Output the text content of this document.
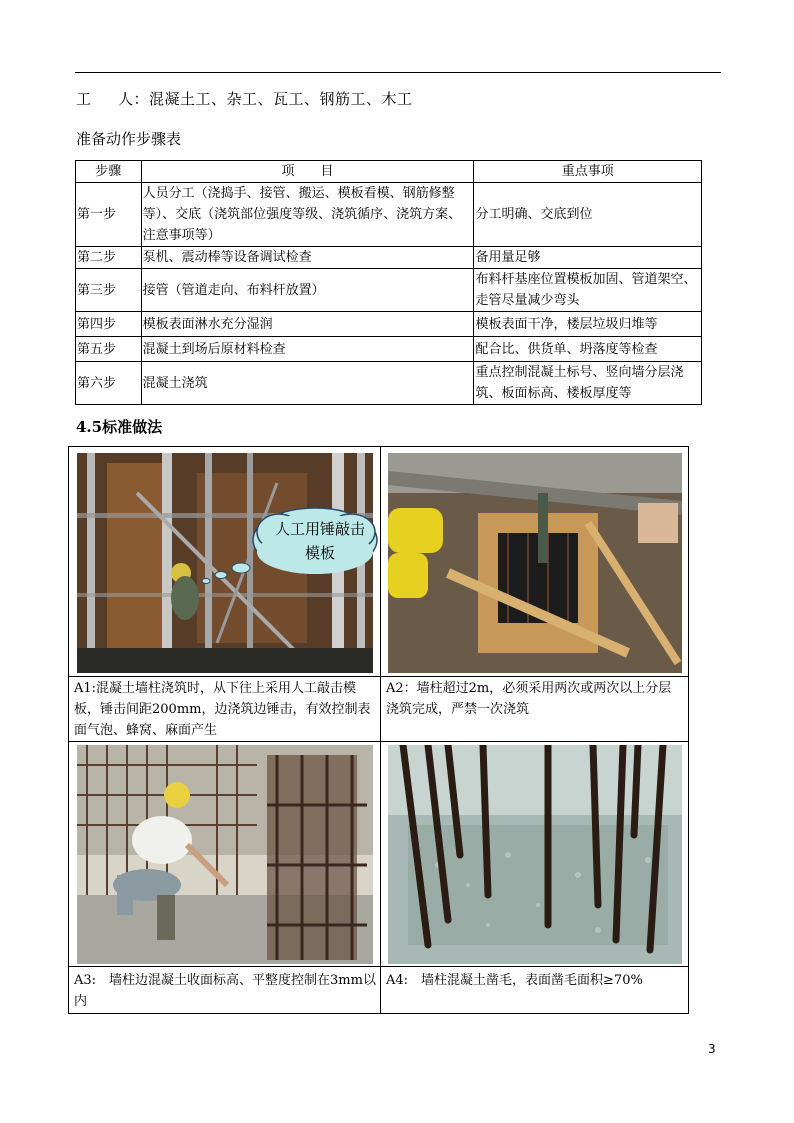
工 人：混凝土工、杂工、瓦工、钢筋工、木工
准备动作步骤表
步骤	项　　目	重点事项
第一步	人员分工（浇捣手、接管、搬运、模板看模、钢筋修整等）、交底（浇筑部位强度等级、浇筑循序、浇筑方案、注意事项等）	分工明确、交底到位
第二步	泵机、震动棒等设备调试检查	备用量足够
第三步	接管（管道走向、布料杆放置）	布料杆基座位置模板加固、管道架空、走管尽量减少弯头
第四步	模板表面淋水充分湿润	模板表面干净，楼层垃圾归堆等
第五步	混凝土到场后原材料检查	配合比、供货单、坍落度等检查
第六步	混凝土浇筑	重点控制混凝土标号、竖向墙分层浇筑、板面标高、楼板厚度等
4.5标准做法
人工用锤敲击模板
A1:混凝土墙柱浇筑时，从下往上采用人工敲击模板，锤击间距200mm，边浇筑边锤击，有效控制表面气泡、蜂窝、麻面产生
A2：墙柱超过2m，必须采用两次或两次以上分层浇筑完成，严禁一次浇筑
A3:　墙柱边混凝土收面标高、平整度控制在3mm以内
A4:　墙柱混凝土凿毛，表面凿毛面积≥70%
3
